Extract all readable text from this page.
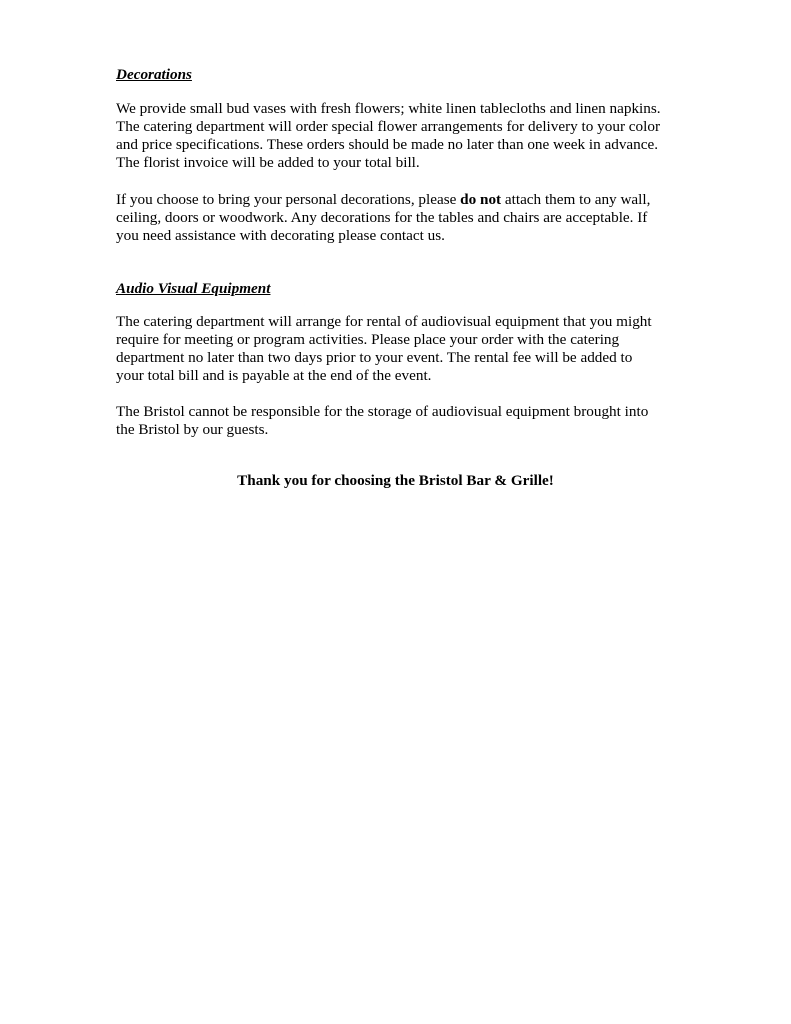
Decorations
We provide small bud vases with fresh flowers; white linen tablecloths and linen napkins.
The catering department will order special flower arrangements for delivery to your color
and price specifications. These orders should be made no later than one week in advance.
The florist invoice will be added to your total bill.
If you choose to bring your personal decorations, please do not attach them to any wall,
ceiling, doors or woodwork. Any decorations for the tables and chairs are acceptable. If
you need assistance with decorating please contact us.
Audio Visual Equipment
The catering department will arrange for rental of audiovisual equipment that you might
require for meeting or program activities. Please place your order with the catering
department no later than two days prior to your event. The rental fee will be added to
your total bill and is payable at the end of the event.
The Bristol cannot be responsible for the storage of audiovisual equipment brought into
the Bristol by our guests.
Thank you for choosing the Bristol Bar & Grille!
